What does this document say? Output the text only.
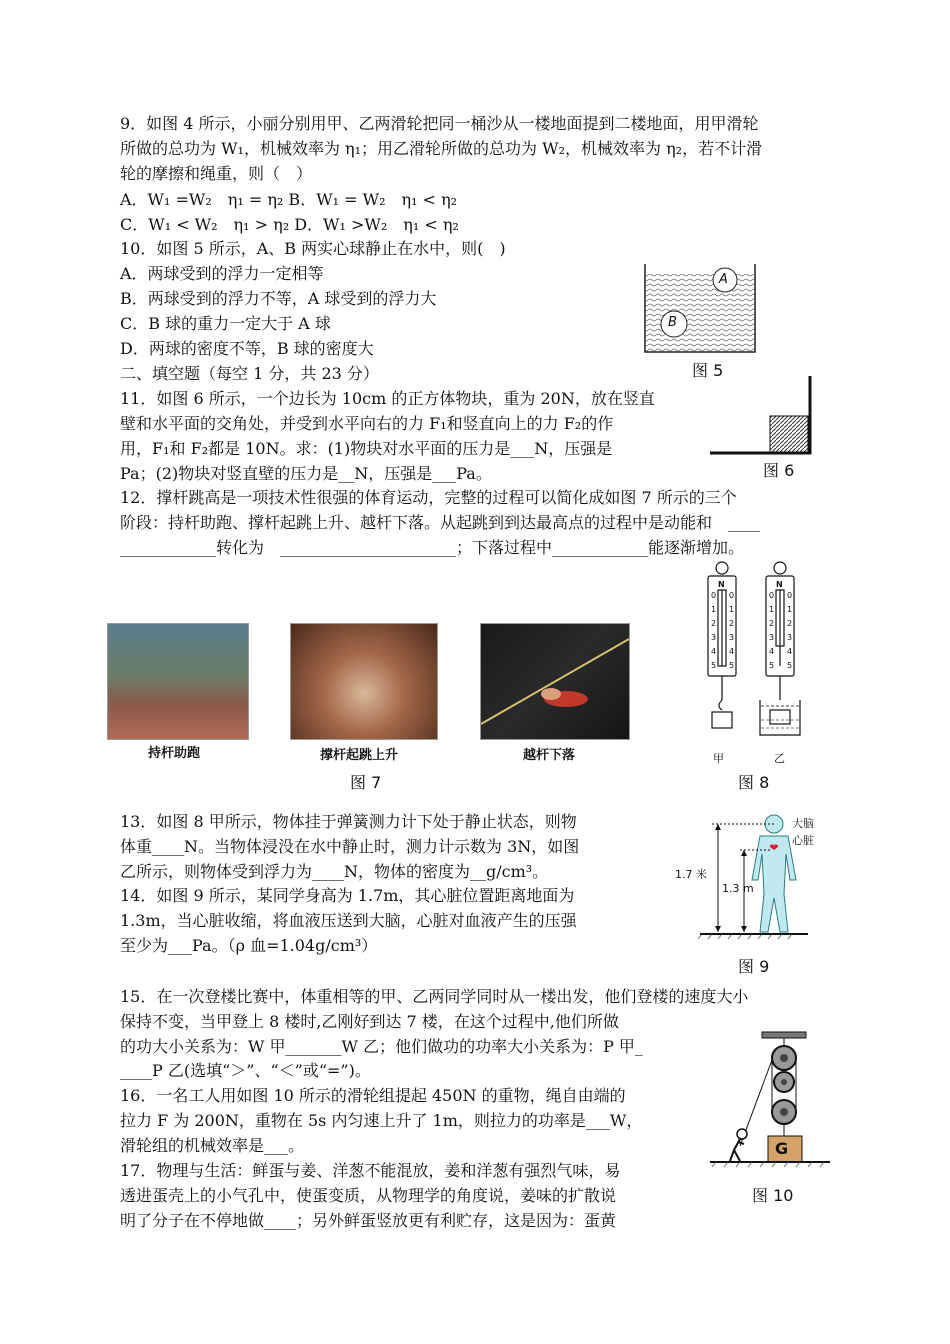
9．如图 4 所示，小丽分别用甲、乙两滑轮把同一桶沙从一楼地面提到二楼地面，用甲滑轮
所做的总功为 W₁，机械效率为 η₁；用乙滑轮所做的总功为 W₂，机械效率为 η₂，若不计滑
轮的摩擦和绳重，则（　）
A．W₁ =W₂　η₁ = η₂ B．W₁ = W₂　η₁ < η₂
C．W₁ < W₂　η₁ > η₂ D．W₁ >W₂　η₁ < η₂
10．如图 5 所示，A、B 两实心球静止在水中，则(　)
A．两球受到的浮力一定相等
B．两球受到的浮力不等，A 球受到的浮力大
C．B 球的重力一定大于 A 球
D．两球的密度不等，B 球的密度大
二、填空题（每空 1 分，共 23 分）
11．如图 6 所示，一个边长为 10cm 的正方体物块，重为 20N，放在竖直
壁和水平面的交角处，并受到水平向右的力 F₁和竖直向上的力 F₂的作
用，F₁和 F₂都是 10N。求：(1)物块对水平面的压力是___N，压强是
Pa；(2)物块对竖直壁的压力是__N，压强是___Pa。
12．撑杆跳高是一项技术性很强的体育运动，完整的过程可以简化成如图 7 所示的三个
阶段：持杆助跑、撑杆起跳上升、越杆下落。从起跳到到达最高点的过程中是动能和　____
____________转化为　______________________；下落过程中____________能逐渐增加。
13．如图 8 甲所示，物体挂于弹簧测力计下处于静止状态，则物
体重____N。当物体浸没在水中静止时，测力计示数为 3N，如图
乙所示，则物体受到浮力为____N，物体的密度为__g/cm³。
14．如图 9 所示，某同学身高为 1.7m，其心脏位置距离地面为
1.3m，当心脏收缩，将血液压送到大脑，心脏对血液产生的压强
至少为___Pa。（ρ 血=1.04g/cm³）
15．在一次登楼比赛中，体重相等的甲、乙两同学同时从一楼出发，他们登楼的速度大小
保持不变，当甲登上 8 楼时,乙刚好到达 7 楼，在这个过程中,他们所做
的功大小关系为：W 甲_______W 乙；他们做功的功率大小关系为：P 甲_
____P 乙(选填“＞”、“＜”或“=”)。
16．一名工人用如图 10 所示的滑轮组提起 450N 的重物，绳自由端的
拉力 F 为 200N，重物在 5s 内匀速上升了 1m，则拉力的功率是___W，
滑轮组的机械效率是___。
17．物理与生活：鲜蛋与姜、洋葱不能混放，姜和洋葱有强烈气味，易
透进蛋壳上的小气孔中，使蛋变质，从物理学的角度说，姜味的扩散说
明了分子在不停地做____；另外鲜蛋竖放更有利贮存，这是因为：蛋黄
A
B
图 5
图 6
持杆助跑	撑杆起跳上升	越杆下落
图 7
0
1
2
3
4
5
0
1
2
3
4
5
0
1
2
3
4
5
0
1
2
3
4
5
N	N
甲	乙
图 8
大脑
心脏
1.7 米
1.3 m
图 9
G
图 10
